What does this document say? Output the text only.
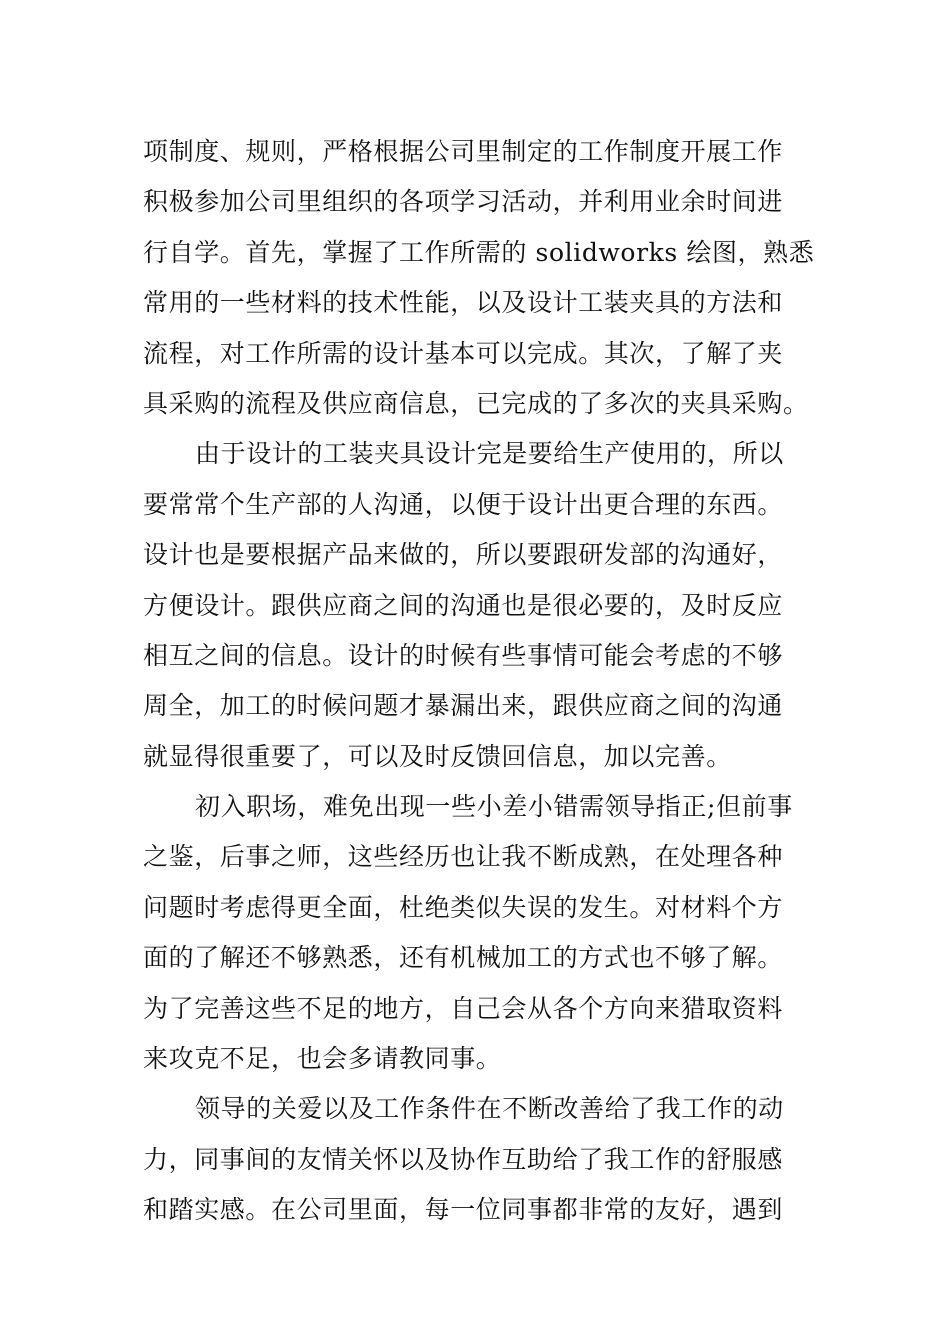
项制度、规则，严格根据公司里制定的工作制度开展工作
积极参加公司里组织的各项学习活动，并利用业余时间进
行自学。首先，掌握了工作所需的 solidworks 绘图，熟悉
常用的一些材料的技术性能，以及设计工装夹具的方法和
流程，对工作所需的设计基本可以完成。其次，了解了夹
具采购的流程及供应商信息，已完成的了多次的夹具采购。
由于设计的工装夹具设计完是要给生产使用的，所以
要常常个生产部的人沟通，以便于设计出更合理的东西。
设计也是要根据产品来做的，所以要跟研发部的沟通好，
方便设计。跟供应商之间的沟通也是很必要的，及时反应
相互之间的信息。设计的时候有些事情可能会考虑的不够
周全，加工的时候问题才暴漏出来，跟供应商之间的沟通
就显得很重要了，可以及时反馈回信息，加以完善。
初入职场，难免出现一些小差小错需领导指正;但前事
之鉴，后事之师，这些经历也让我不断成熟，在处理各种
问题时考虑得更全面，杜绝类似失误的发生。对材料个方
面的了解还不够熟悉，还有机械加工的方式也不够了解。
为了完善这些不足的地方，自己会从各个方向来猎取资料
来攻克不足，也会多请教同事。
领导的关爱以及工作条件在不断改善给了我工作的动
力，同事间的友情关怀以及协作互助给了我工作的舒服感
和踏实感。在公司里面，每一位同事都非常的友好，遇到
